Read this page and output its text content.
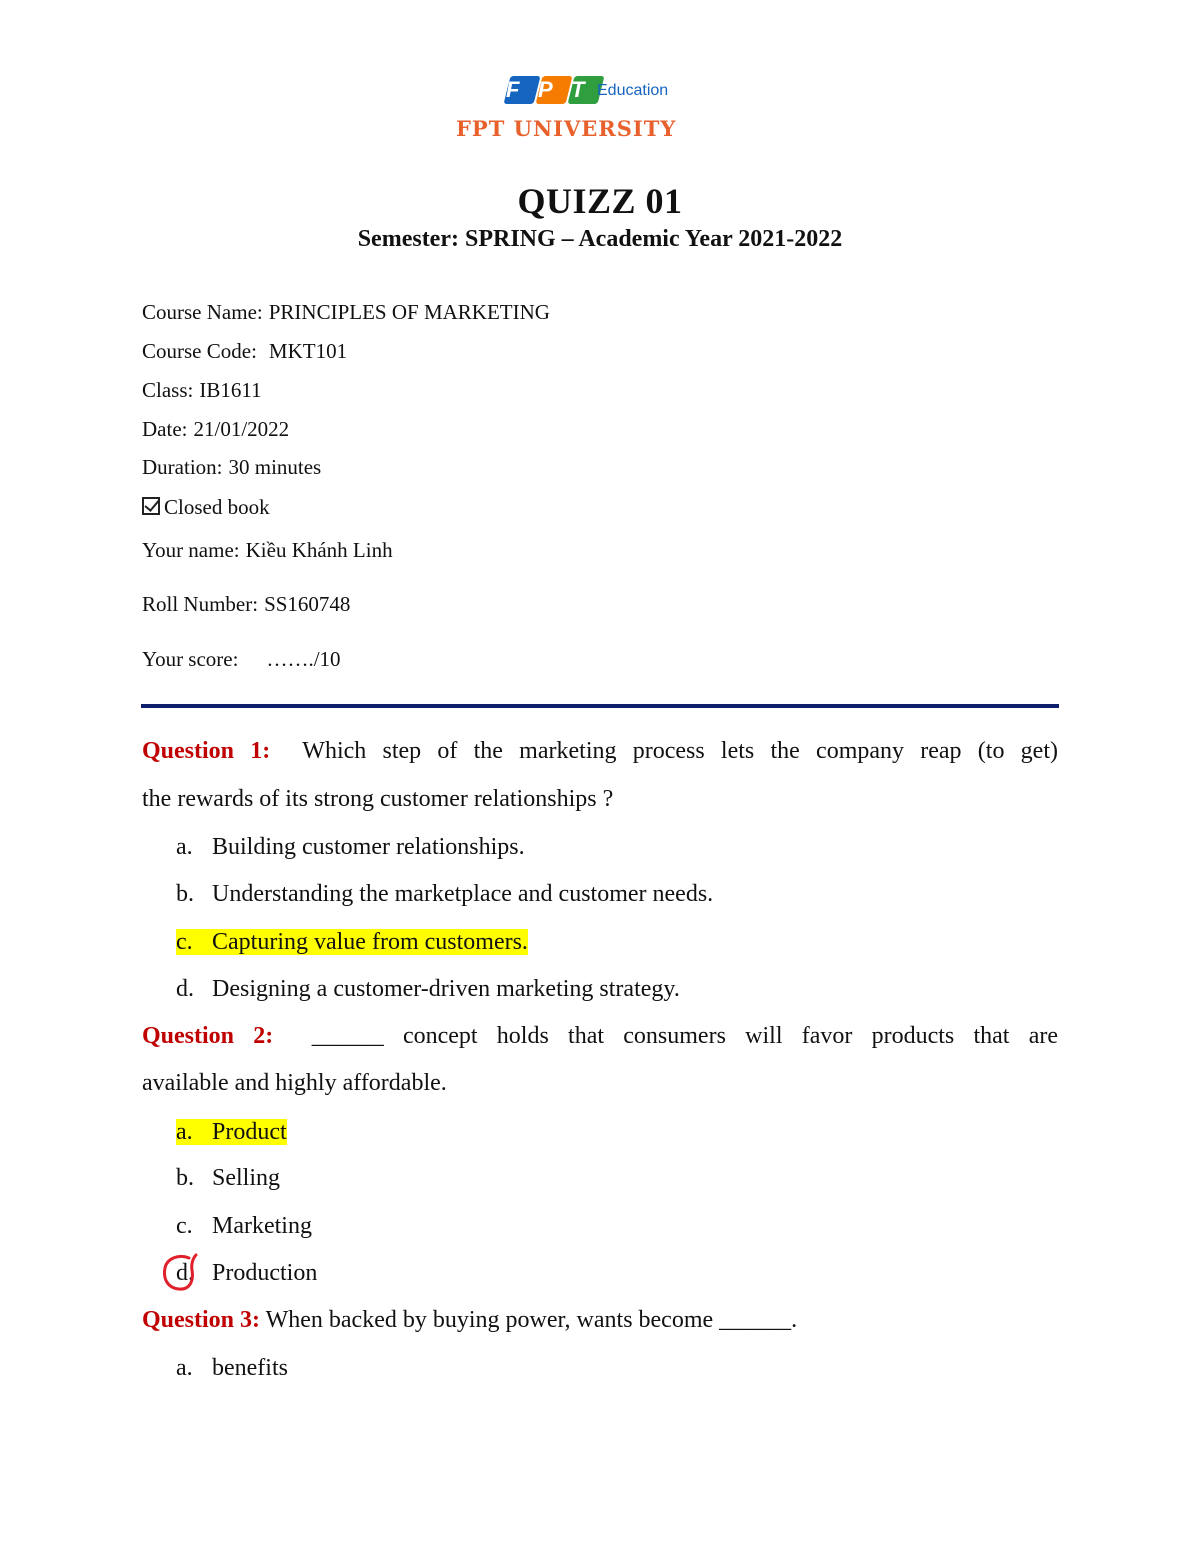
F P T Education
FPT UNIVERSITY
QUIZZ 01
Semester: SPRING – Academic Year 2021-2022
Course Name: PRINCIPLES OF MARKETING
Course Code: MKT101
Class: IB1611
Date: 21/01/2022
Duration: 30 minutes
Closed book
Your name: Kiều Khánh Linh
Roll Number: SS160748
Your score: ……./10
Question 1: Which step of the marketing process lets the company reap (to get)
the rewards of its strong customer relationships ?
a. Building customer relationships.
b. Understanding the marketplace and customer needs.
c. Capturing value from customers.
d. Designing a customer-driven marketing strategy.
Question 2: ______ concept holds that consumers will favor products that are
available and highly affordable.
a. Product
b. Selling
c. Marketing
d. Production
Question 3: When backed by buying power, wants become ______.
a. benefits
